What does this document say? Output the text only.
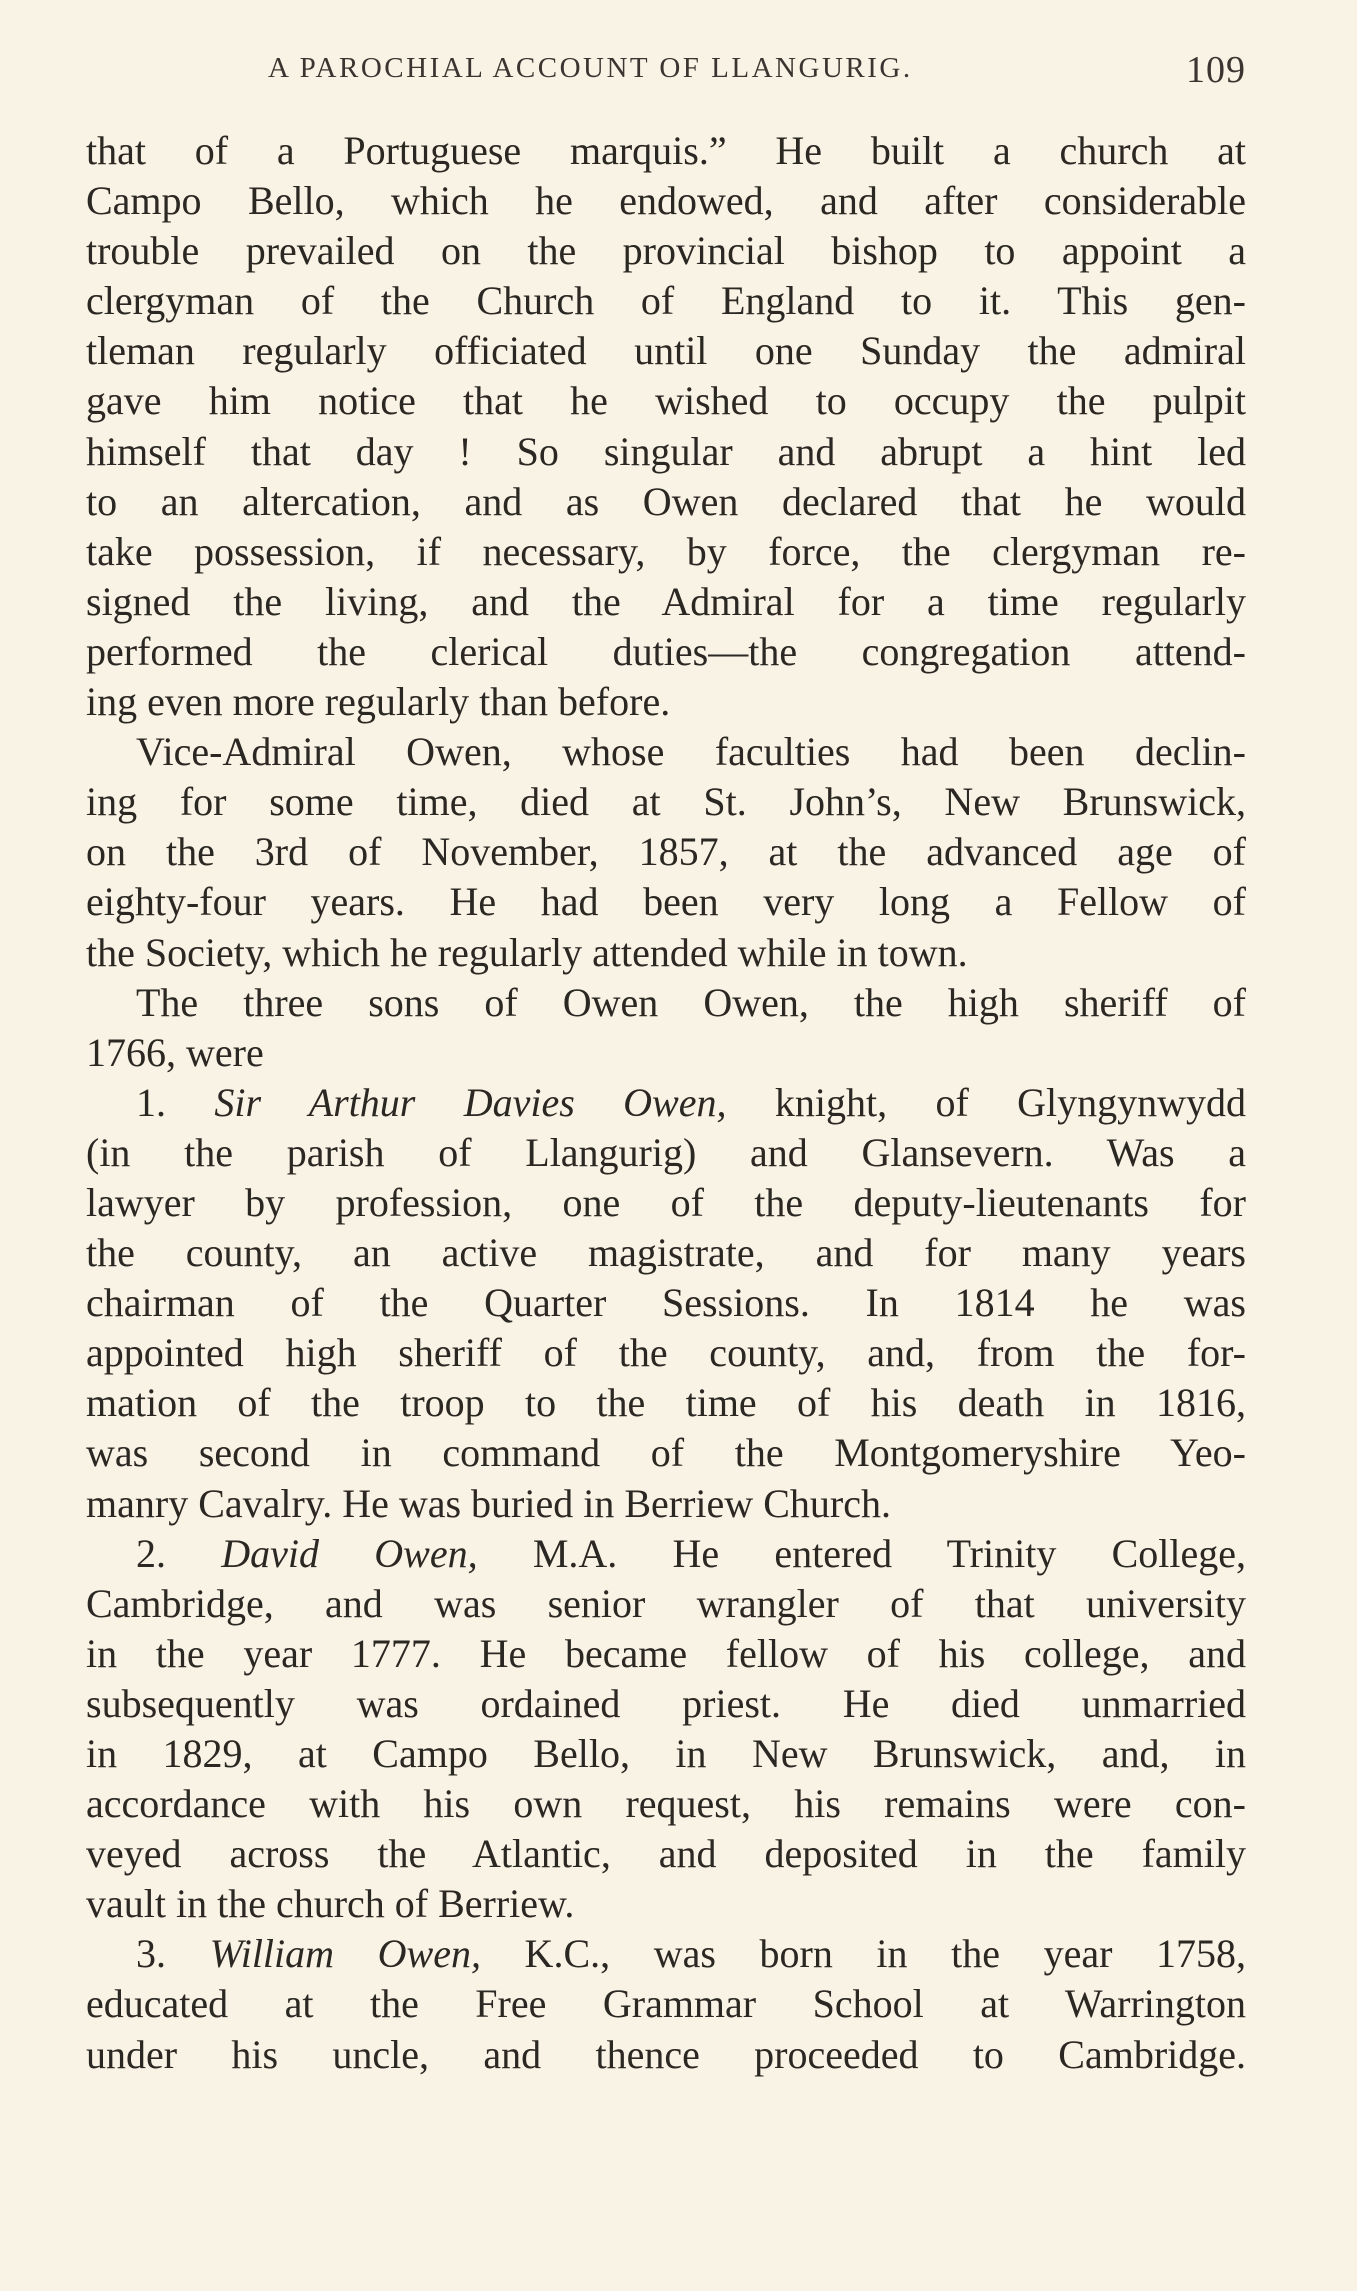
A PAROCHIAL ACCOUNT OF LLANGURIG.	109
that of a Portuguese marquis.” He built a church at
Campo Bello, which he endowed, and after considerable
trouble prevailed on the provincial bishop to appoint a
clergyman of the Church of England to it. This gen-
tleman regularly officiated until one Sunday the admiral
gave him notice that he wished to occupy the pulpit
himself that day ! So singular and abrupt a hint led
to an altercation, and as Owen declared that he would
take possession, if necessary, by force, the clergyman re-
signed the living, and the Admiral for a time regularly
performed the clerical duties—the congregation attend-
ing even more regularly than before.
Vice-Admiral Owen, whose faculties had been declin-
ing for some time, died at St. John’s, New Brunswick,
on the 3rd of November, 1857, at the advanced age of
eighty-four years. He had been very long a Fellow of
the Society, which he regularly attended while in town.
The three sons of Owen Owen, the high sheriff of
1766, were
1. Sir Arthur Davies Owen, knight, of Glyngynwydd
(in the parish of Llangurig) and Glansevern. Was a
lawyer by profession, one of the deputy-lieutenants for
the county, an active magistrate, and for many years
chairman of the Quarter Sessions. In 1814 he was
appointed high sheriff of the county, and, from the for-
mation of the troop to the time of his death in 1816,
was second in command of the Montgomeryshire Yeo-
manry Cavalry. He was buried in Berriew Church.
2. David Owen, M.A. He entered Trinity College,
Cambridge, and was senior wrangler of that university
in the year 1777. He became fellow of his college, and
subsequently was ordained priest. He died unmarried
in 1829, at Campo Bello, in New Brunswick, and, in
accordance with his own request, his remains were con-
veyed across the Atlantic, and deposited in the family
vault in the church of Berriew.
3. William Owen, K.C., was born in the year 1758,
educated at the Free Grammar School at Warrington
under his uncle, and thence proceeded to Cambridge.
